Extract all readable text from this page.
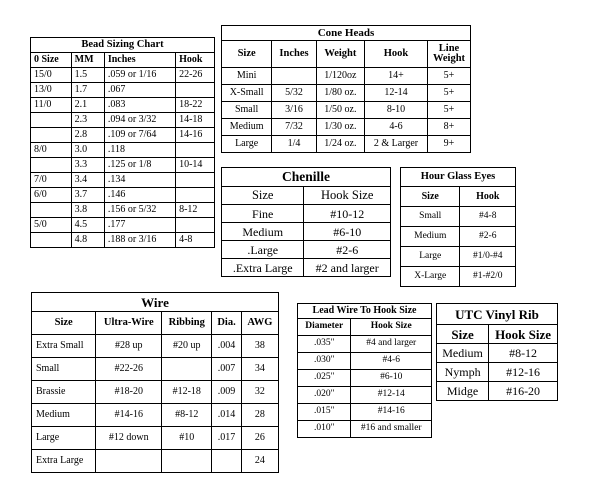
Bead Sizing Chart			
0 Size	MM	Inches	Hook
15/0	1.5	.059 or 1/16	22-26
13/0	1.7	.067	
11/0	2.1	.083	18-22
	2.3	.094 or 3/32	14-18
	2.8	.109 or 7/64	14-16
8/0	3.0	.118	
	3.3	.125 or 1/8	10-14
7/0	3.4	.134	
6/0	3.7	.146	
	3.8	.156 or 5/32	8-12
5/0	4.5	.177	
	4.8	.188 or 3/16	4-8
Cone Heads				
Size	Inches	Weight	Hook	Line Weight
Mini		1/120oz	14+	5+
X-Small	5/32	1/80 oz.	12-14	5+
Small	3/16	1/50 oz.	8-10	5+
Medium	7/32	1/30 oz.	4-6	8+
Large	1/4	1/24 oz.	2 & Larger	9+
Chenille	
Size	Hook Size
Fine	#10-12
Medium	#6-10
.Large	#2-6
.Extra Large	#2 and larger
Hour Glass Eyes	
Size	Hook
Small	#4-8
Medium	#2-6
Large	#1/0-#4
X-Large	#1-#2/0
Wire				
Size	Ultra-Wire	Ribbing	Dia.	AWG
Extra Small	#28 up	#20 up	.004	38
Small	#22-26		.007	34
Brassie	#18-20	#12-18	.009	32
Medium	#14-16	#8-12	.014	28
Large	#12 down	#10	.017	26
Extra Large				24
Lead Wire To Hook Size	
Diameter	Hook Size
.035"	#4 and larger
.030"	#4-6
.025"	#6-10
.020"	#12-14
.015"	#14-16
.010"	#16 and smaller
UTC Vinyl Rib	
Size	Hook Size
Medium	#8-12
Nymph	#12-16
Midge	#16-20
